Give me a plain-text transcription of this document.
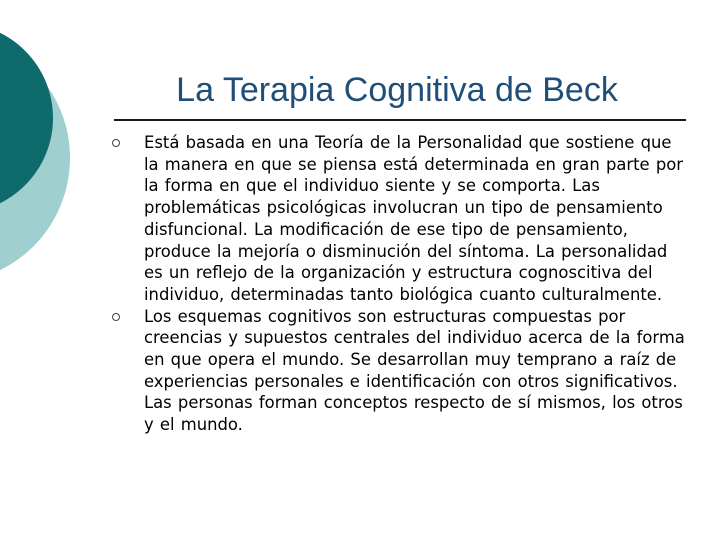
La Terapia Cognitiva de Beck
Está basada en una Teoría de la Personalidad que sostiene que la manera en que se piensa está determinada en gran parte por la forma en que el individuo siente y se comporta. Las problemáticas psicológicas involucran un tipo de pensamiento disfuncional. La modificación de ese tipo de pensamiento, produce la mejoría o disminución del síntoma. La personalidad es un reflejo de la organización y estructura cognoscitiva del individuo, determinadas tanto biológica cuanto culturalmente.
Los esquemas cognitivos son estructuras compuestas por creencias y supuestos centrales del individuo acerca de la forma en que opera el mundo. Se desarrollan muy temprano a raíz de experiencias personales e identificación con otros significativos. Las personas forman conceptos respecto de sí mismos, los otros y el mundo.
